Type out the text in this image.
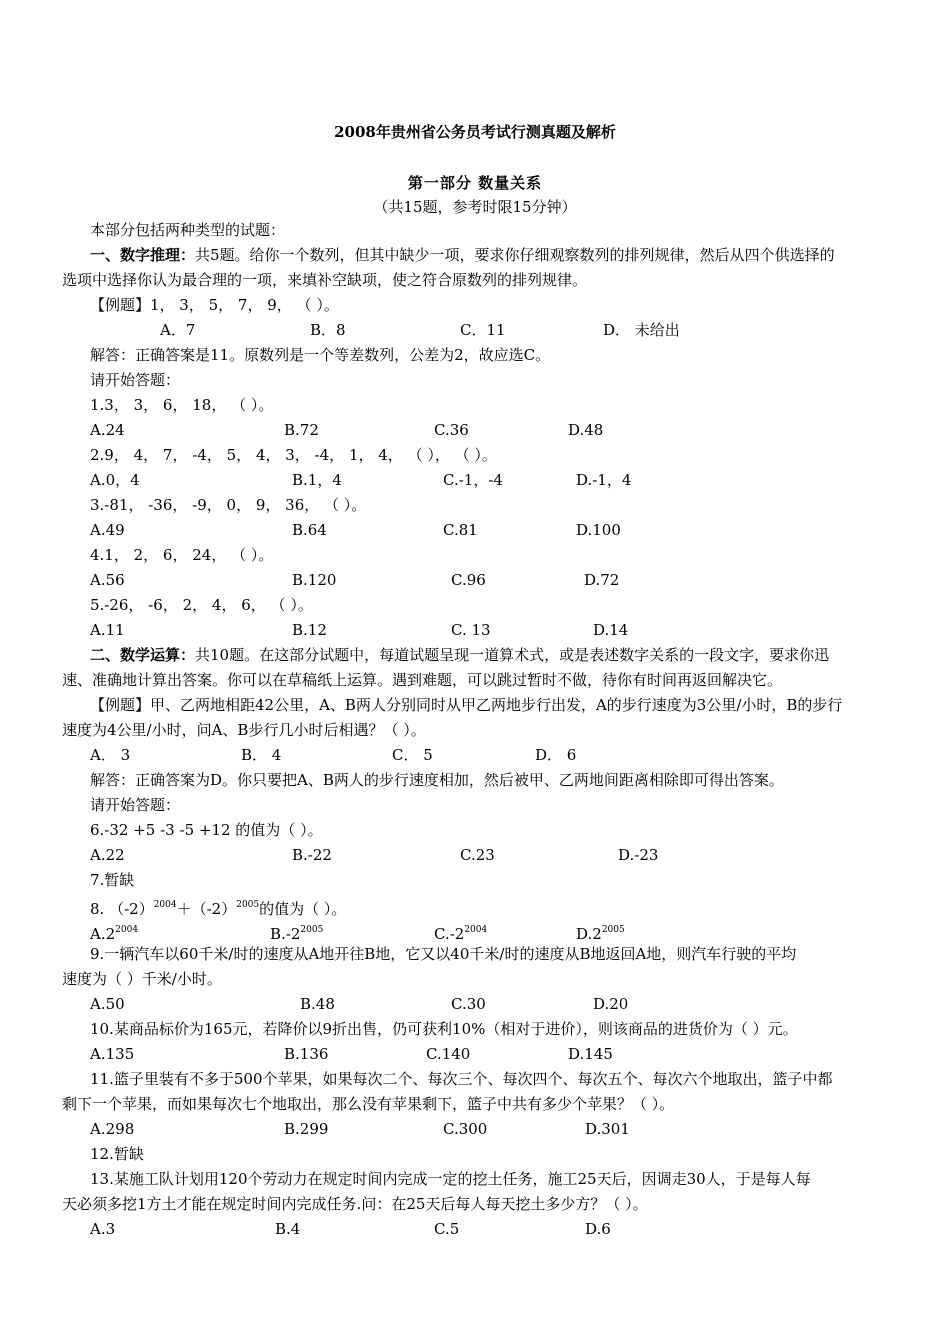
2008年贵州省公务员考试行测真题及解析
第一部分 数量关系
（共15题，参考时限15分钟）
本部分包括两种类型的试题：
一、数字推理：共5题。给你一个数列，但其中缺少一项，要求你仔细观察数列的排列规律，然后从四个供选择的
选项中选择你认为最合理的一项，来填补空缺项，使之符合原数列的排列规律。
【例题】1， 3， 5， 7， 9， （ ）。
A．7	B．8	C．11	D． 未给出
解答：正确答案是11。原数列是一个等差数列，公差为2，故应选C。
请开始答题：
1.3， 3， 6， 18， （ ）。
A.24	B.72	C.36	D.48
2.9， 4， 7， -4， 5， 4， 3， -4， 1， 4， （ ）， （ ）。
A.0，4	B.1，4	C.-1，-4	D.-1，4
3.-81， -36， -9， 0， 9， 36， （ ）。
A.49	B.64	C.81	D.100
4.1， 2， 6， 24， （ ）。
A.56	B.120	C.96	D.72
5.-26， -6， 2， 4， 6， （ ）。
A.11	B.12	C. 13	D.14
二、数学运算：共10题。在这部分试题中，每道试题呈现一道算术式，或是表述数字关系的一段文字，要求你迅
速、准确地计算出答案。你可以在草稿纸上运算。遇到难题，可以跳过暂时不做，待你有时间再返回解决它。
【例题】甲、乙两地相距42公里，A、B两人分别同时从甲乙两地步行出发，A的步行速度为3公里/小时，B的步行
速度为4公里/小时，问A、B步行几小时后相遇？（ ）。
A． 3	B． 4	C． 5	D． 6
解答：正确答案为D。你只要把A、B两人的步行速度相加，然后被甲、乙两地间距离相除即可得出答案。
请开始答题：
6.-32 +5 -3 -5 +12 的值为（ ）。
A.22	B.-22	C.23	D.-23
7.暂缺
8. $(-2)^{2004}+(-2)^{2005}$的值为（ ）。
$A.2^{2004}$	$B.-2^{2005}$	$C.-2^{2004}$	$D.2^{2005}$
9.一辆汽车以60千米/时的速度从A地开往B地，它又以40千米/时的速度从B地返回A地，则汽车行驶的平均
速度为（ ）千米/小时。
A.50	B.48	C.30	D.20
10.某商品标价为165元，若降价以9折出售，仍可获利10%（相对于进价），则该商品的进货价为（ ）元。
A.135	B.136	C.140	D.145
11.篮子里装有不多于500个苹果，如果每次二个、每次三个、每次四个、每次五个、每次六个地取出，篮子中都
剩下一个苹果，而如果每次七个地取出，那么没有苹果剩下，篮子中共有多少个苹果？（ ）。
A.298	B.299	C.300	D.301
12.暂缺
13.某施工队计划用120个劳动力在规定时间内完成一定的挖土任务，施工25天后，因调走30人，于是每人每
天必须多挖1方土才能在规定时间内完成任务.问：在25天后每人每天挖土多少方？（ ）。
A.3	B.4	C.5	D.6
